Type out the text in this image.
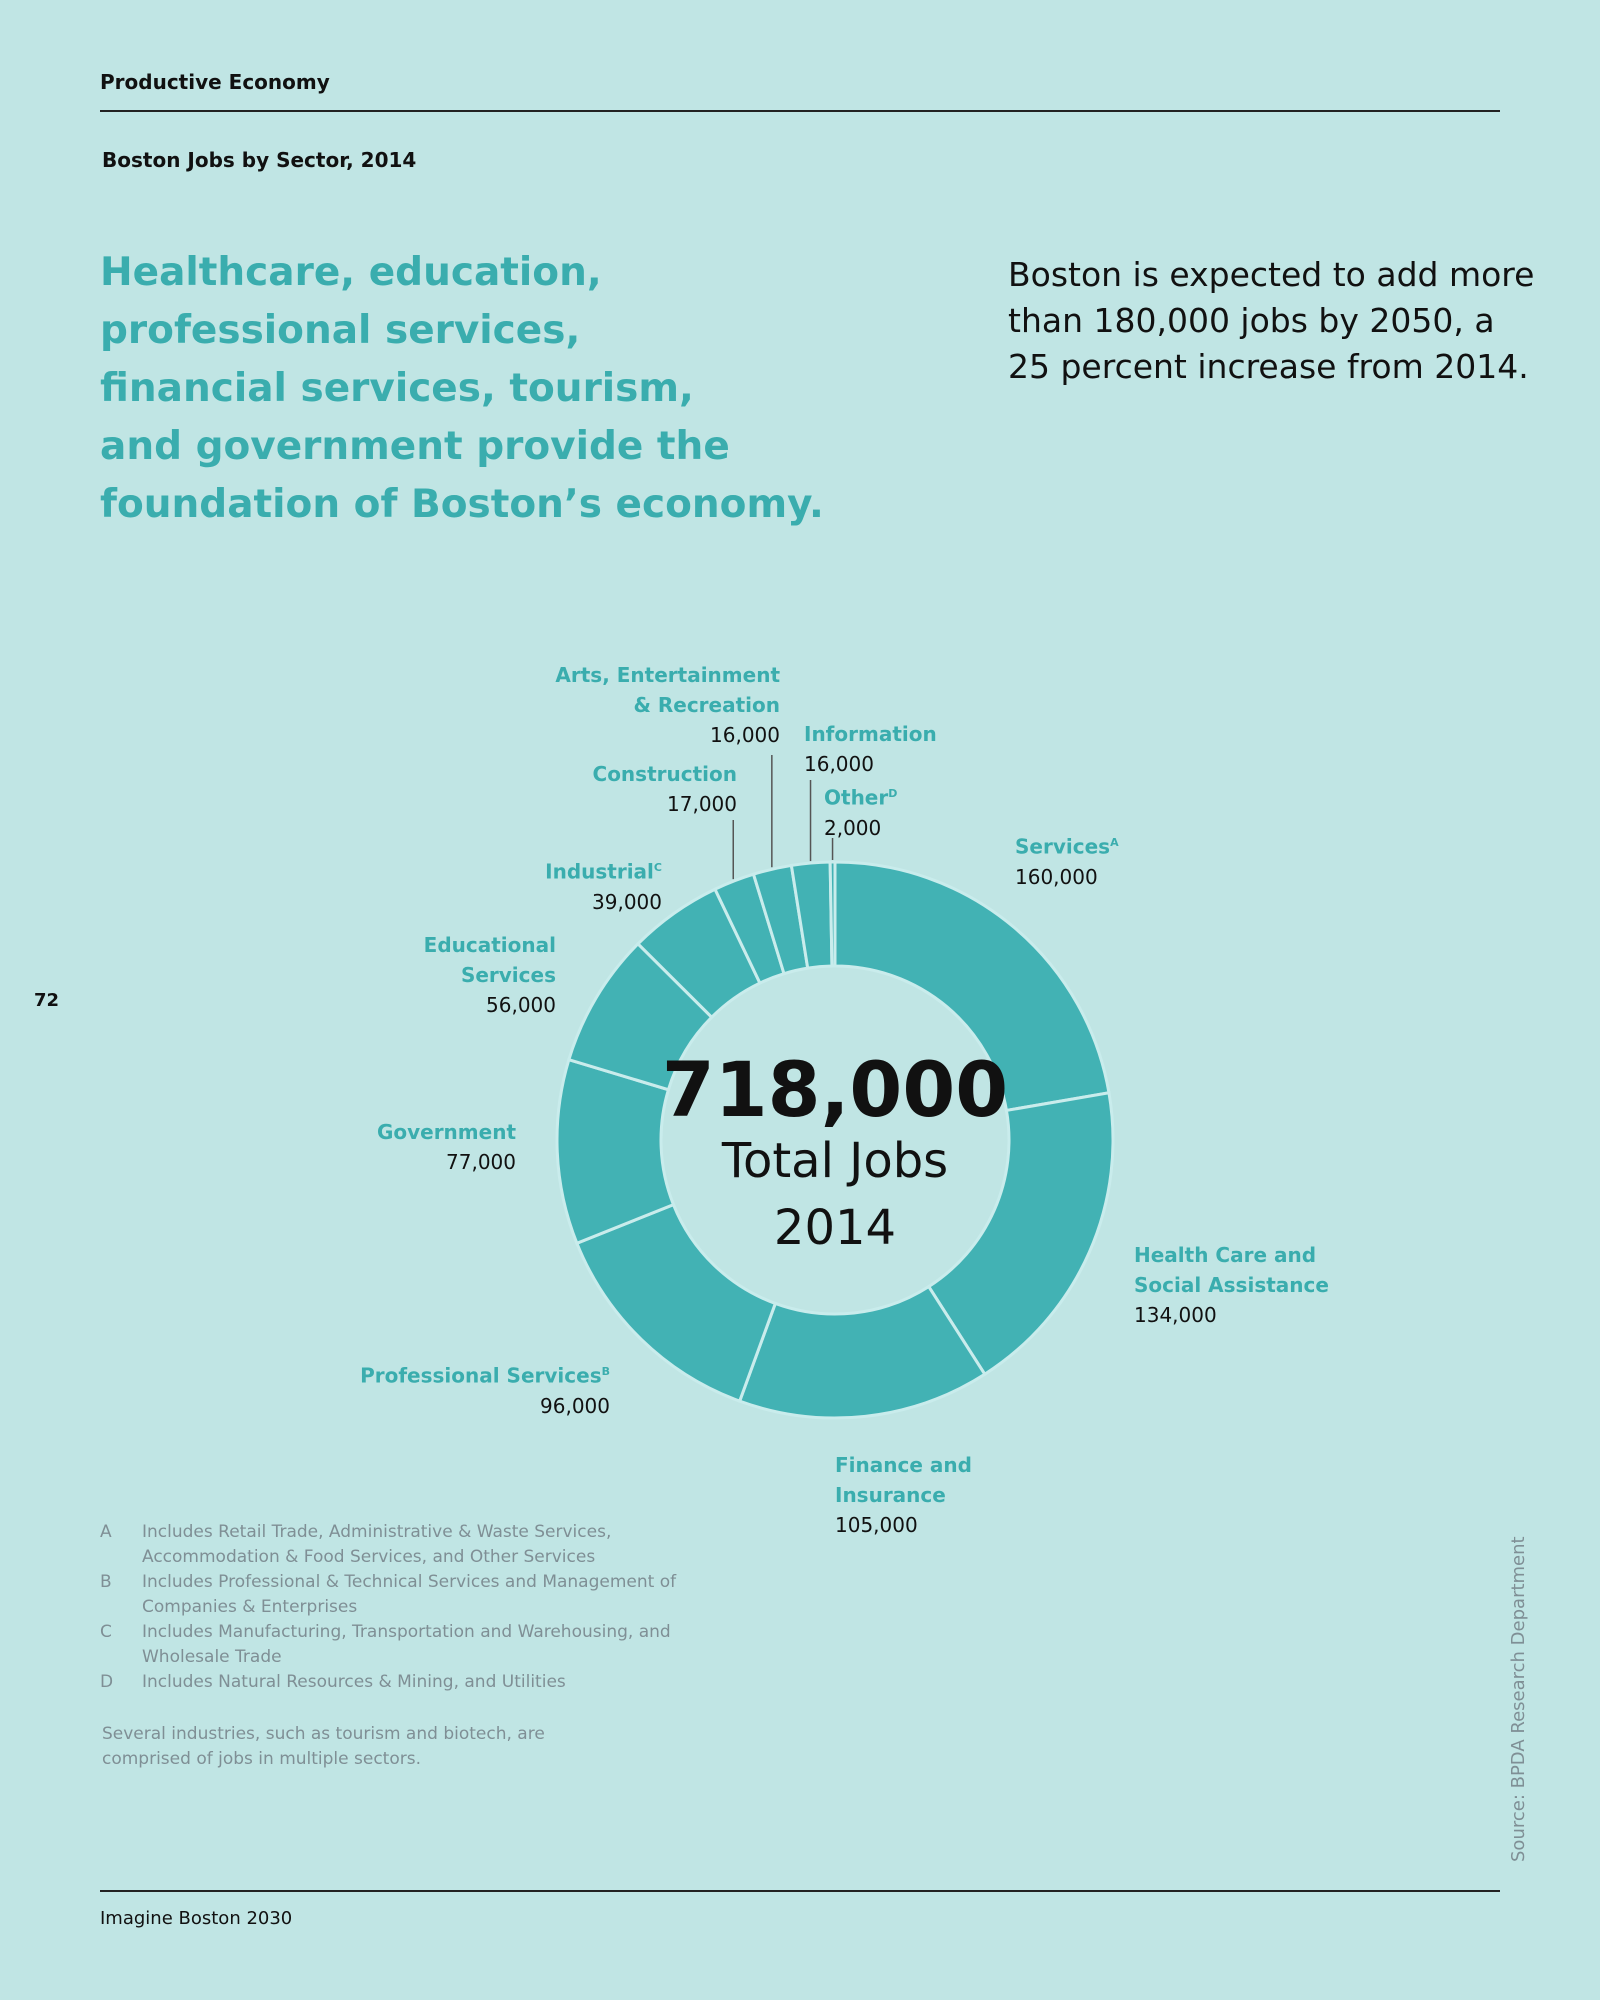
Productive Economy
Boston Jobs by Sector, 2014
Healthcare, education,
professional services,
financial services, tourism,
and government provide the
foundation of Boston’s economy.
Boston is expected to add more
than 180,000 jobs by 2050, a
25 percent increase from 2014.
72
Services$^A$
160,000
Health Care and
Social Assistance
134,000
Finance and
Insurance
105,000
Professional Services$^B$
96,000
Government
77,000
Educational
Services
56,000
Industrial$^C$
39,000
Construction
17,000
Arts, Entertainment
& Recreation
16,000 Information
16,000
Other$^D$
2,000
718,000
Total Jobs
2014
A	Includes Retail Trade, Administrative & Waste Services, Accommodation & Food Services, and Other Services
B	Includes Professional & Technical Services and Management of Companies & Enterprises
C	Includes Manufacturing, Transportation and Warehousing, and Wholesale Trade
D	Includes Natural Resources & Mining, and Utilities
Several industries, such as tourism and biotech, are comprised of jobs in multiple sectors.	Source: BPDA Research Department
Imagine Boston 2030
